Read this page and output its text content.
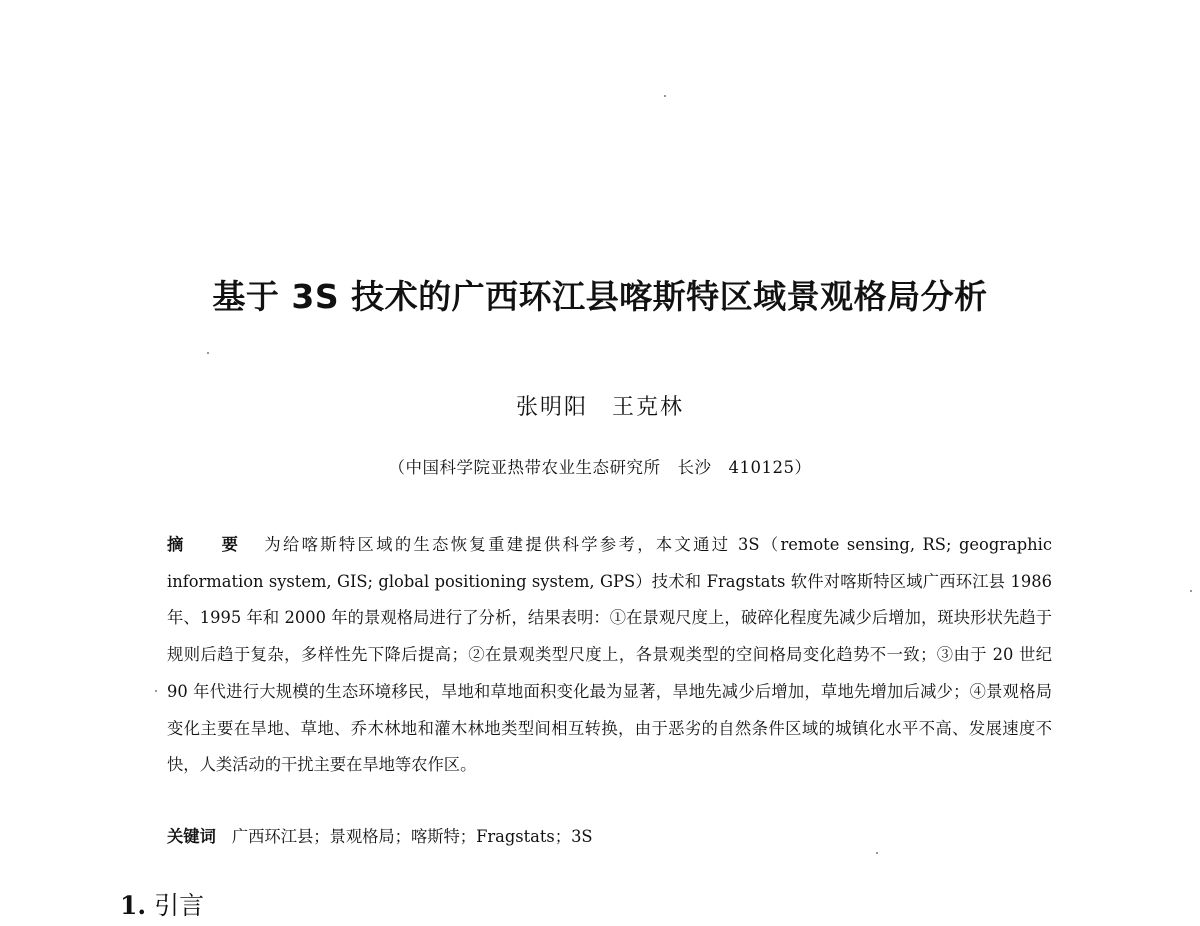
基于 3S 技术的广西环江县喀斯特区域景观格局分析
张明阳　王克林
（中国科学院亚热带农业生态研究所　长沙　410125）
摘 要 为给喀斯特区域的生态恢复重建提供科学参考，本文通过 3S（remote sensing, RS; geographic information system, GIS; global positioning system, GPS）技术和 Fragstats 软件对喀斯特区域广西环江县 1986 年、1995 年和 2000 年的景观格局进行了分析，结果表明：①在景观尺度上，破碎化程度先减少后增加，斑块形状先趋于规则后趋于复杂，多样性先下降后提高；②在景观类型尺度上，各景观类型的空间格局变化趋势不一致；③由于 20 世纪 90 年代进行大规模的生态环境移民，旱地和草地面积变化最为显著，旱地先减少后增加，草地先增加后减少；④景观格局变化主要在旱地、草地、乔木林地和灌木林地类型间相互转换，由于恶劣的自然条件区域的城镇化水平不高、发展速度不快，人类活动的干扰主要在旱地等农作区。
关键词 广西环江县；景观格局；喀斯特；Fragstats；3S
1. 引言
